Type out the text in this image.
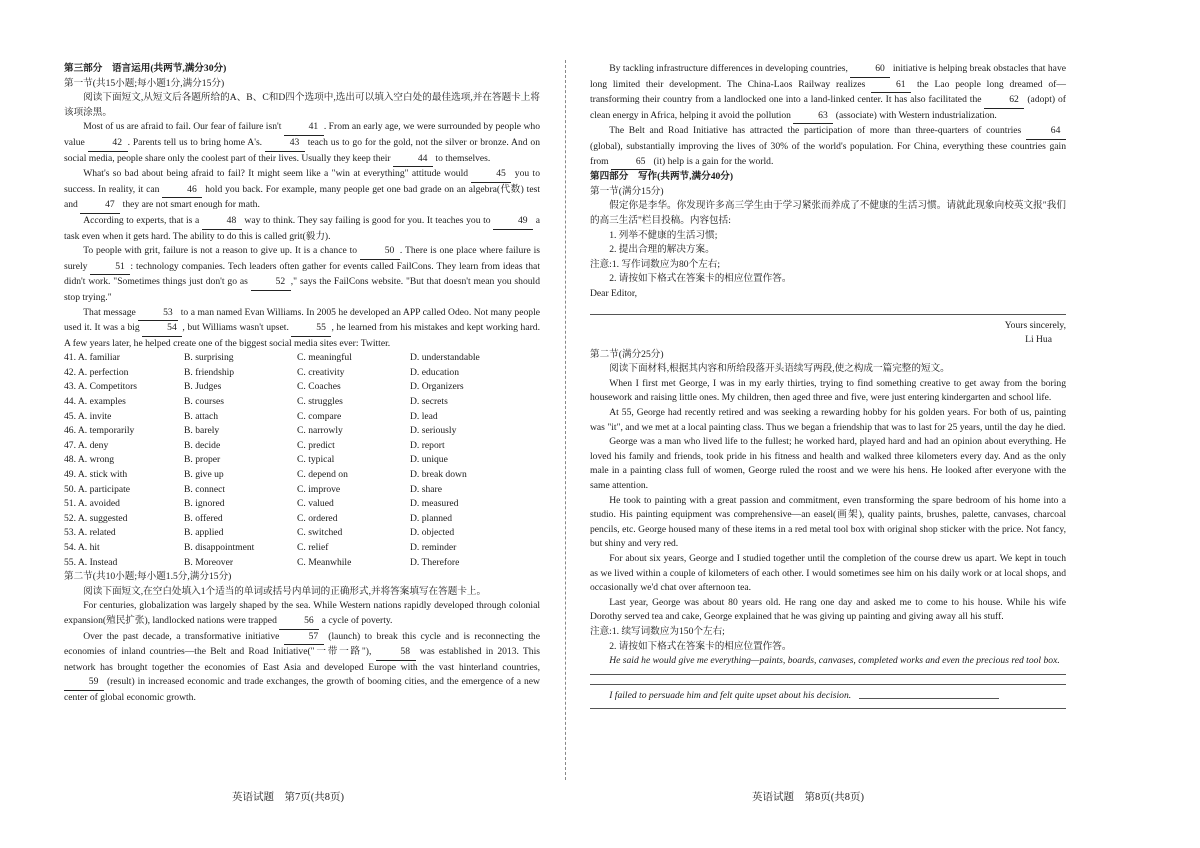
第三部分　语言运用(共两节,满分30分)

第一节(共15小题;每小题1分,满分15分)

阅读下面短文,从短文后各题所给的A、B、C和D四个选项中,选出可以填入空白处的最佳选项,并在答题卡上将该项涂黑。

Most of us are afraid to fail. Our fear of failure isn't	41 . From an early age, we were surrounded by people who value	42 . Parents tell us to bring home A's.	43 teach us to go for the gold, not the silver or bronze. And on social media, people share only the coolest part of their lives. Usually they keep their	44 to themselves.

What's so bad about being afraid to fail? It might seem like a "win at everything" attitude would	45 you to success. In reality, it can	46 hold you back. For example, many people get one bad grade on an algebra(代数) test and	47 they are not smart enough for math.

According to experts, that is a	48 way to think. They say failing is good for you. It teaches you to	49 a task even when it gets hard. The ability to do this is called grit(毅力).

To people with grit, failure is not a reason to give up. It is a chance to	50 . There is one place where failure is surely	51 : technology companies. Tech leaders often gather for events called FailCons. They learn from ideas that didn't work. "Sometimes things just don't go as	52 ," says the FailCons website. "But that doesn't mean you should stop trying."

That message	53 to a man named Evan Williams. In 2005 he developed an APP called Odeo. Not many people used it. It was a big	54 , but Williams wasn't upset.	55 , he learned from his mistakes and kept working hard. A few years later, he helped create one of the biggest social media sites ever: Twitter.

41. A. familiar	B. surprising	C. meaningful	D. understandable
42. A. perfection	B. friendship	C. creativity	D. education
43. A. Competitors	B. Judges	C. Coaches	D. Organizers
44. A. examples	B. courses	C. struggles	D. secrets
45. A. invite	B. attach	C. compare	D. lead
46. A. temporarily	B. barely	C. narrowly	D. seriously
47. A. deny	B. decide	C. predict	D. report
48. A. wrong	B. proper	C. typical	D. unique
49. A. stick with	B. give up	C. depend on	D. break down
50. A. participate	B. connect	C. improve	D. share
51. A. avoided	B. ignored	C. valued	D. measured
52. A. suggested	B. offered	C. ordered	D. planned
53. A. related	B. applied	C. switched	D. objected
54. A. hit	B. disappointment	C. relief	D. reminder
55. A. Instead	B. Moreover	C. Meanwhile	D. Therefore

第二节(共10小题;每小题1.5分,满分15分)

阅读下面短文,在空白处填入1个适当的单词或括号内单词的正确形式,并将答案填写在答题卡上。

For centuries, globalization was largely shaped by the sea. While Western nations rapidly developed through colonial expansion(殖民扩张), landlocked nations were trapped	56 a cycle of poverty.

Over the past decade, a transformative initiative	57 (launch) to break this cycle and is reconnecting the economies of inland countries—the Belt and Road Initiative("一带一路"),	58 was established in 2013. This network has brought together the economies of East Asia and developed Europe with the vast hinterland countries, 59 (result) in increased economic and trade exchanges, the growth of booming cities, and the emergence of a new center of global economic growth.

By tackling infrastructure differences in developing countries,	60 initiative is helping break obstacles that have long limited their development. The China-Laos Railway realizes	61 the Lao people long dreamed of—transforming their country from a landlocked one into a land-linked center. It has also facilitated the	62 (adopt) of clean energy in Africa, helping it avoid the pollution	63 (associate) with Western industrialization.

The Belt and Road Initiative has attracted the participation of more than three-quarters of countries	64 (global), substantially improving the lives of 30% of the world's population. For China, everything these countries gain from	65 (it) help is a gain for the world.

第四部分　写作(共两节,满分40分)

第一节(满分15分)

假定你是李华。你发现许多高三学生由于学习紧张而养成了不健康的生活习惯。请就此现象向校英文报"我们的高三生活"栏目投稿。内容包括:

1. 列举不健康的生活习惯;

2. 提出合理的解决方案。

注意:1. 写作词数应为80个左右;

2. 请按如下格式在答案卡的相应位置作答。

Dear Editor,

Yours sincerely,

Li Hua

第二节(满分25分)

阅读下面材料,根据其内容和所给段落开头语续写两段,使之构成一篇完整的短文。

When I first met George, I was in my early thirties, trying to find something creative to get away from the boring housework and raising little ones. My children, then aged three and five, were just entering kindergarten and school life.

At 55, George had recently retired and was seeking a rewarding hobby for his golden years. For both of us, painting was "it", and we met at a local painting class. Thus we began a friendship that was to last for 25 years, until the day he died.

George was a man who lived life to the fullest; he worked hard, played hard and had an opinion about everything. He loved his family and friends, took pride in his fitness and health and walked three kilometers every day. And as the only male in a painting class full of women, George ruled the roost and we were his hens. He looked after everyone with the same attention.

He took to painting with a great passion and commitment, even transforming the spare bedroom of his home into a studio. His painting equipment was comprehensive—an easel(画架), quality paints, brushes, palette, canvases, charcoal pencils, etc. George housed many of these items in a red metal tool box with original shop sticker with the price. Not fancy, but shiny and very red.

For about six years, George and I studied together until the completion of the course drew us apart. We kept in touch as we lived within a couple of kilometers of each other. I would sometimes see him on his daily work or at local shops, and occasionally we'd chat over afternoon tea.

Last year, George was about 80 years old. He rang one day and asked me to come to his house. While his wife Dorothy served tea and cake, George explained that he was giving up painting and giving away all his stuff.

注意:1. 续写词数应为150个左右;

2. 请按如下格式在答案卡的相应位置作答。

He said he would give me everything—paints, boards, canvases, completed works and even the precious red tool box.

I failed to persuade him and felt quite upset about his decision.

英语试题　第7页(共8页)	英语试题　第8页(共8页)
